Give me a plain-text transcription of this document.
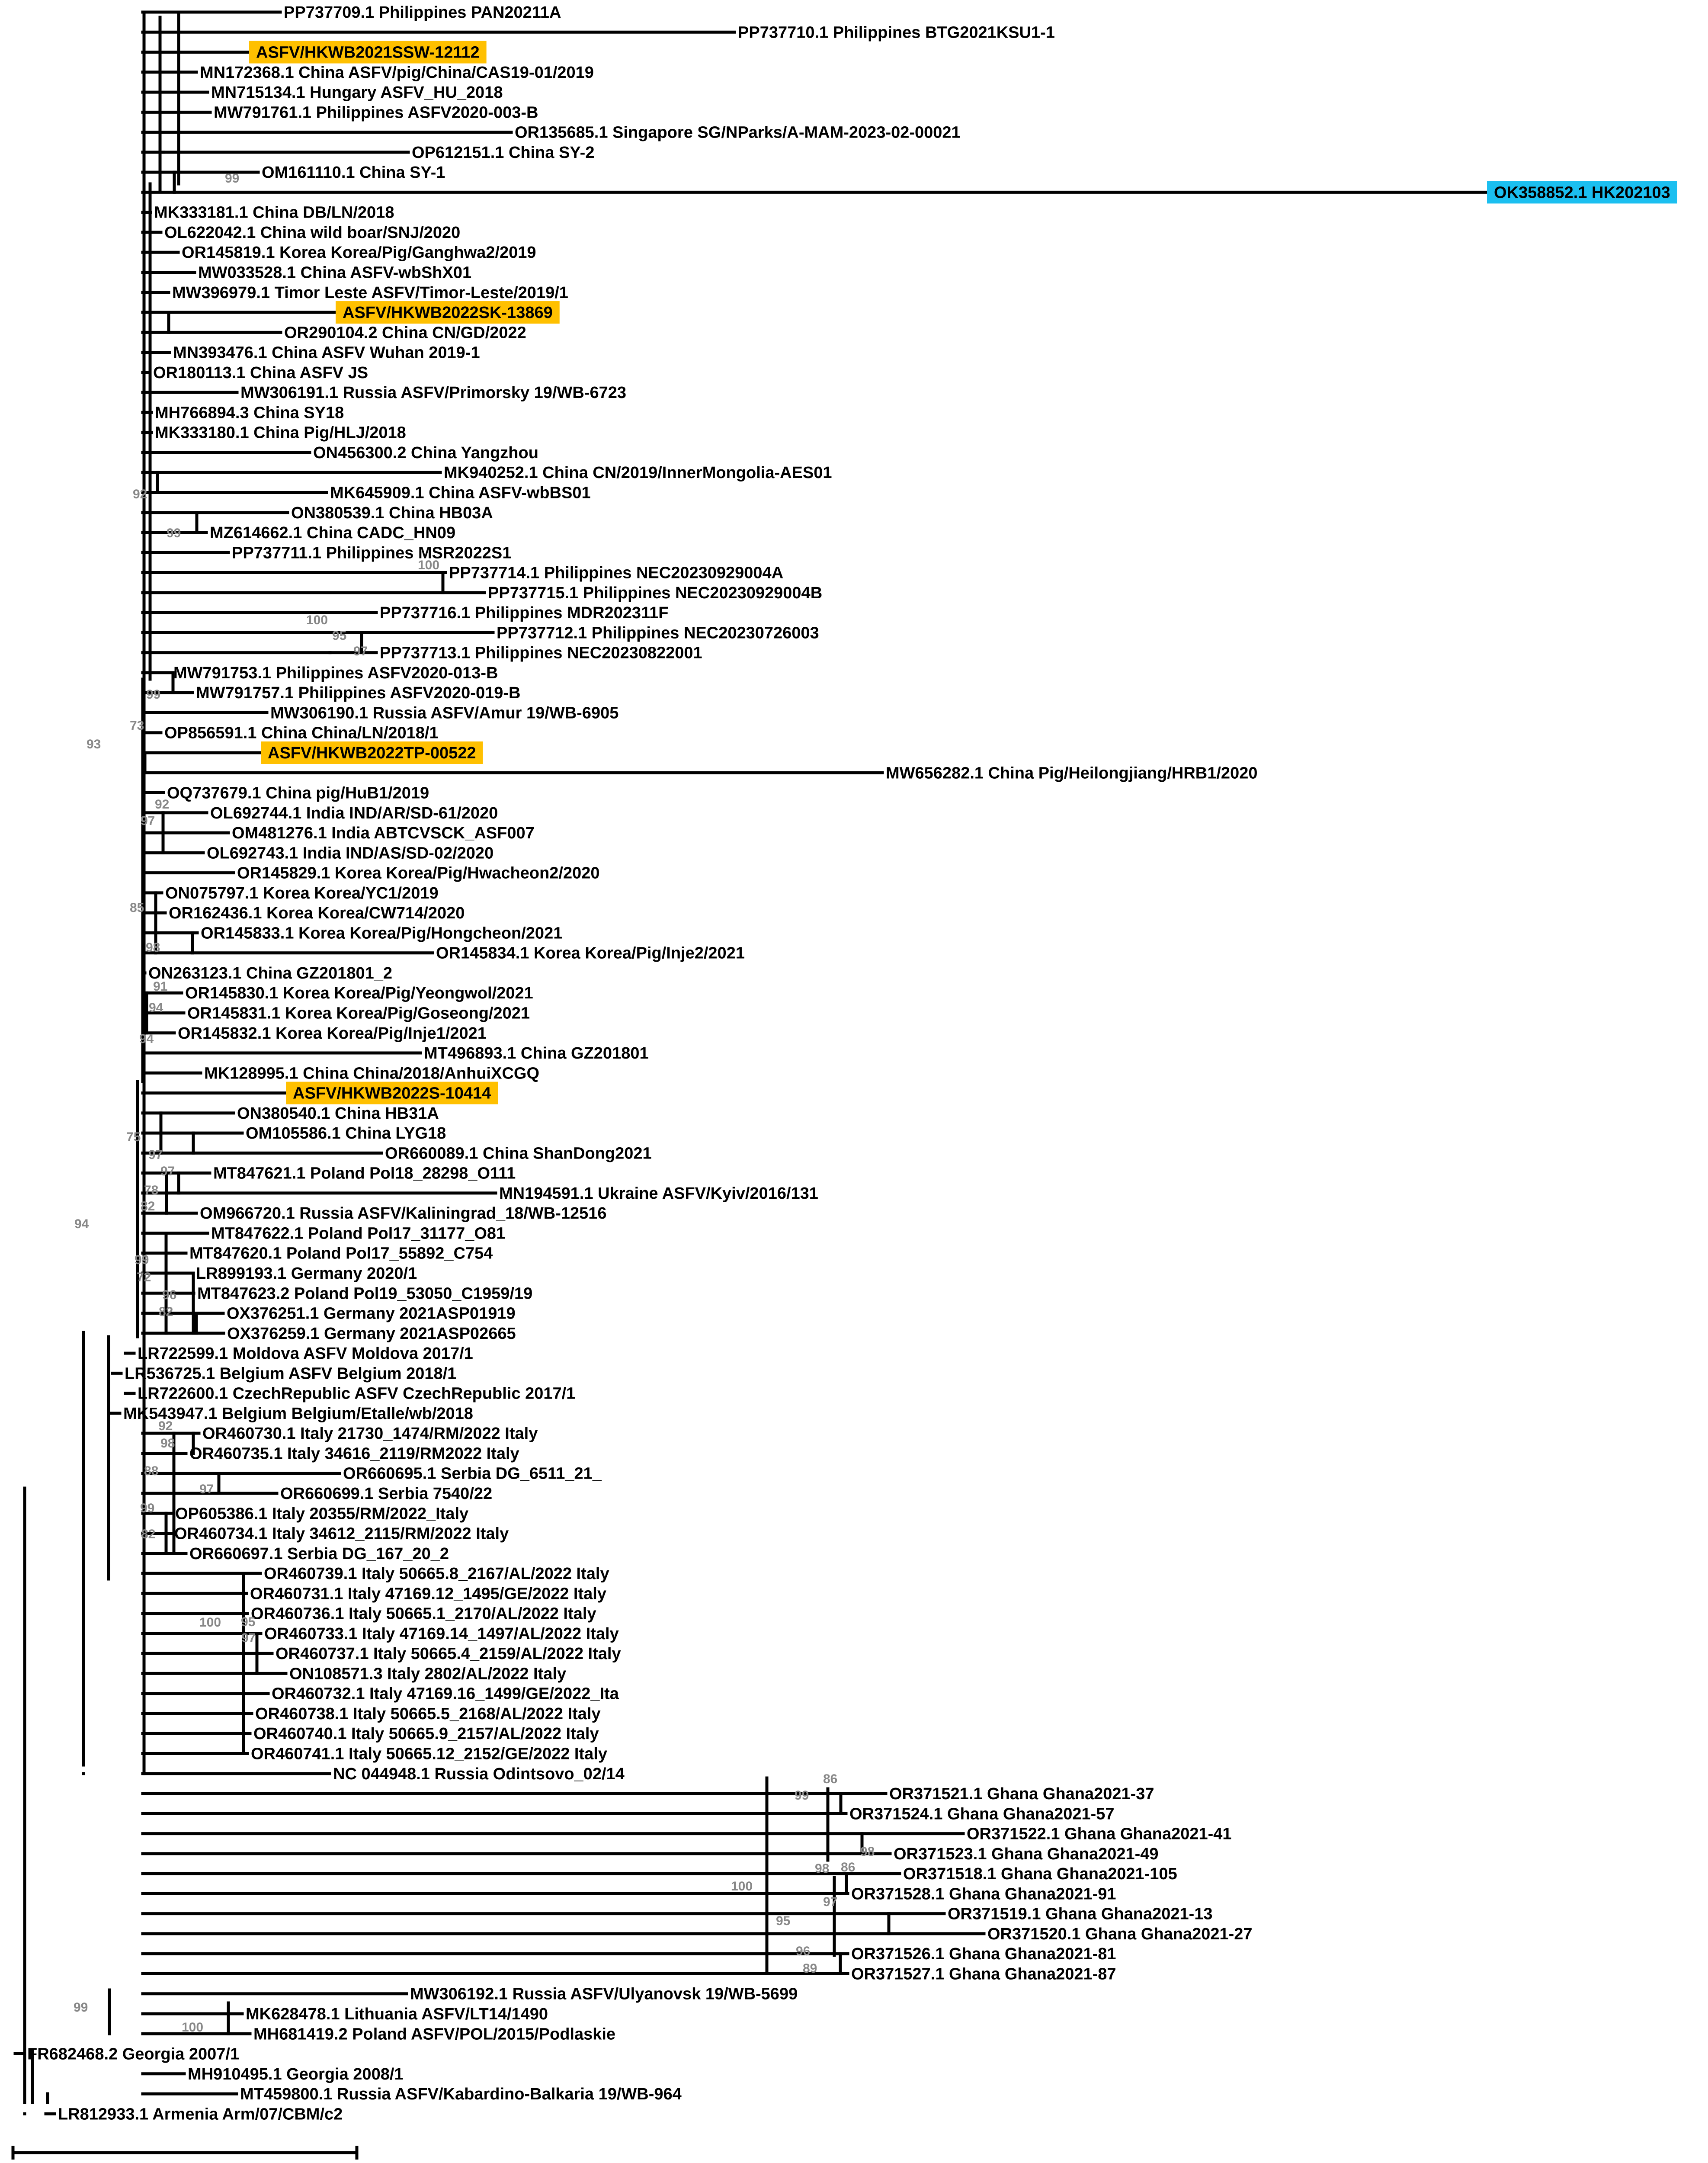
PP737709.1 Philippines PAN20211A
PP737710.1 Philippines BTG2021KSU1-1
ASFV/HKWB2021SSW-12112
MN172368.1 China ASFV/pig/China/CAS19-01/2019
MN715134.1 Hungary ASFV_HU_2018
MW791761.1 Philippines ASFV2020-003-B
OR135685.1 Singapore SG/NParks/A-MAM-2023-02-00021
OP612151.1 China SY-2
OM161110.1 China SY-1
OK358852.1 HK202103
MK333181.1 China DB/LN/2018
OL622042.1 China wild boar/SNJ/2020
OR145819.1 Korea Korea/Pig/Ganghwa2/2019
MW033528.1 China ASFV-wbShX01
MW396979.1 Timor Leste ASFV/Timor-Leste/2019/1
ASFV/HKWB2022SK-13869
OR290104.2 China CN/GD/2022
MN393476.1 China ASFV Wuhan 2019-1
OR180113.1 China ASFV JS
MW306191.1 Russia ASFV/Primorsky 19/WB-6723
MH766894.3 China SY18
MK333180.1 China Pig/HLJ/2018
ON456300.2 China Yangzhou
MK940252.1 China CN/2019/InnerMongolia-AES01
MK645909.1 China ASFV-wbBS01
ON380539.1 China HB03A
MZ614662.1 China CADC_HN09
PP737711.1 Philippines MSR2022S1
PP737714.1 Philippines NEC20230929004A
PP737715.1 Philippines NEC20230929004B
PP737716.1 Philippines MDR202311F
PP737712.1 Philippines NEC20230726003
PP737713.1 Philippines NEC20230822001
MW791753.1 Philippines ASFV2020-013-B
MW791757.1 Philippines ASFV2020-019-B
MW306190.1 Russia ASFV/Amur 19/WB-6905
OP856591.1 China China/LN/2018/1
ASFV/HKWB2022TP-00522
MW656282.1 China Pig/Heilongjiang/HRB1/2020
OQ737679.1 China pig/HuB1/2019
OL692744.1 India IND/AR/SD-61/2020
OM481276.1 India ABTCVSCK_ASF007
OL692743.1 India IND/AS/SD-02/2020
OR145829.1 Korea Korea/Pig/Hwacheon2/2020
ON075797.1 Korea Korea/YC1/2019
OR162436.1 Korea Korea/CW714/2020
OR145833.1 Korea Korea/Pig/Hongcheon/2021
OR145834.1 Korea Korea/Pig/Inje2/2021
ON263123.1 China GZ201801_2
OR145830.1 Korea Korea/Pig/Yeongwol/2021
OR145831.1 Korea Korea/Pig/Goseong/2021
OR145832.1 Korea Korea/Pig/Inje1/2021
MT496893.1 China GZ201801
MK128995.1 China China/2018/AnhuiXCGQ
ASFV/HKWB2022S-10414
ON380540.1 China HB31A
OM105586.1 China LYG18
OR660089.1 China ShanDong2021
MT847621.1 Poland Pol18_28298_O111
MN194591.1 Ukraine ASFV/Kyiv/2016/131
OM966720.1 Russia ASFV/Kaliningrad_18/WB-12516
MT847622.1 Poland Pol17_31177_O81
MT847620.1 Poland Pol17_55892_C754
LR899193.1 Germany 2020/1
MT847623.2 Poland Pol19_53050_C1959/19
OX376251.1 Germany 2021ASP01919
OX376259.1 Germany 2021ASP02665
LR722599.1 Moldova ASFV Moldova 2017/1
LR536725.1 Belgium ASFV Belgium 2018/1
LR722600.1 CzechRepublic ASFV CzechRepublic 2017/1
MK543947.1 Belgium Belgium/Etalle/wb/2018
OR460730.1 Italy 21730_1474/RM/2022 Italy
OR460735.1 Italy 34616_2119/RM2022 Italy
OR660695.1 Serbia DG_6511_21_
OR660699.1 Serbia 7540/22
OP605386.1 Italy 20355/RM/2022_Italy
OR460734.1 Italy 34612_2115/RM/2022 Italy
OR660697.1 Serbia DG_167_20_2
OR460739.1 Italy 50665.8_2167/AL/2022 Italy
OR460731.1 Italy 47169.12_1495/GE/2022 Italy
OR460736.1 Italy 50665.1_2170/AL/2022 Italy
OR460733.1 Italy 47169.14_1497/AL/2022 Italy
OR460737.1 Italy 50665.4_2159/AL/2022 Italy
ON108571.3 Italy 2802/AL/2022 Italy
OR460732.1 Italy 47169.16_1499/GE/2022_Ita
OR460738.1 Italy 50665.5_2168/AL/2022 Italy
OR460740.1 Italy 50665.9_2157/AL/2022 Italy
OR460741.1 Italy 50665.12_2152/GE/2022 Italy
NC 044948.1 Russia Odintsovo_02/14
OR371521.1 Ghana Ghana2021-37
OR371524.1 Ghana Ghana2021-57
OR371522.1 Ghana Ghana2021-41
OR371523.1 Ghana Ghana2021-49
OR371518.1 Ghana Ghana2021-105
OR371528.1 Ghana Ghana2021-91
OR371519.1 Ghana Ghana2021-13
OR371520.1 Ghana Ghana2021-27
OR371526.1 Ghana Ghana2021-81
OR371527.1 Ghana Ghana2021-87
MW306192.1 Russia ASFV/Ulyanovsk 19/WB-5699
MK628478.1 Lithuania ASFV/LT14/1490
MH681419.2 Poland ASFV/POL/2015/Podlaskie
FR682468.2 Georgia 2007/1
MH910495.1 Georgia 2008/1
MT459800.1 Russia ASFV/Kabardino-Balkaria 19/WB-964
LR812933.1 Armenia Arm/07/CBM/c2
99
92
99
100
100
95
97
99
73
93
92
97
85
98
91
94
94
75
97
97
78
82
94
99
72
96
82
92
98
88
97
99
82
100 95
97
99
86
98
86
100
98
97
95
96
89
99
100
